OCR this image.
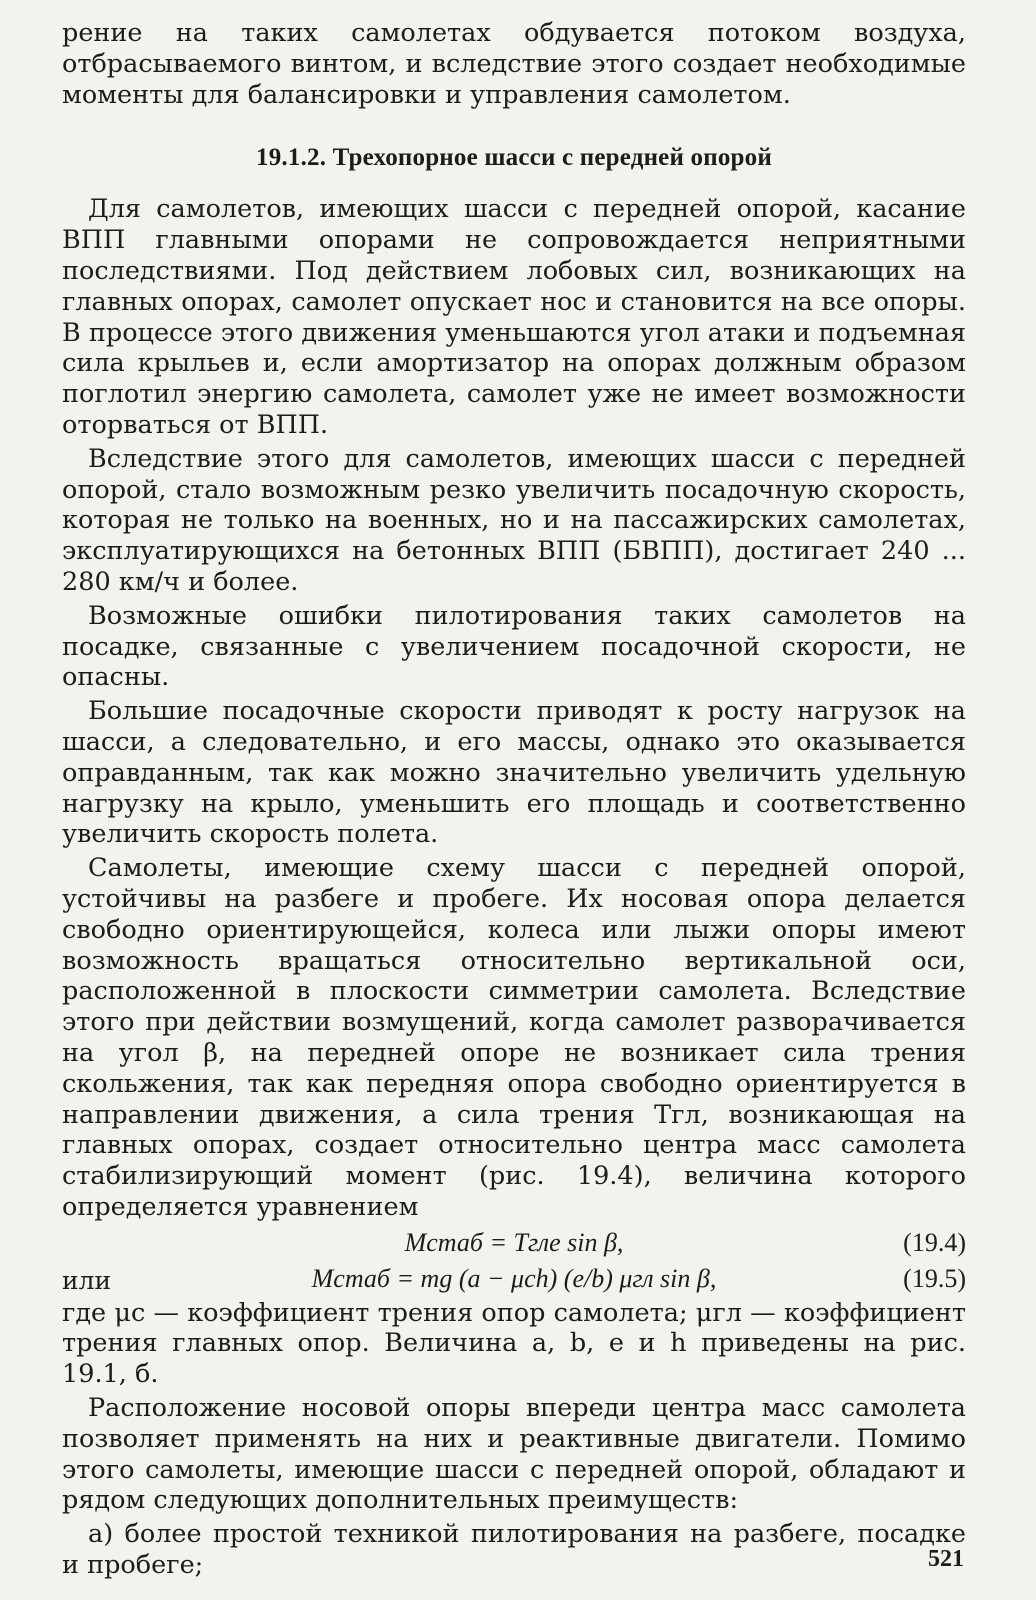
рение на таких самолетах обдувается потоком воздуха, отбрасываемого винтом, и вследствие этого создает необходимые моменты для балансировки и управления самолетом.

19.1.2. Трехопорное шасси с передней опорой

Для самолетов, имеющих шасси с передней опорой, касание ВПП главными опорами не сопровождается неприятными последствиями. Под действием лобовых сил, возникающих на главных опорах, самолет опускает нос и становится на все опоры. В процессе этого движения уменьшаются угол атаки и подъемная сила крыльев и, если амортизатор на опорах должным образом поглотил энергию самолета, самолет уже не имеет возможности оторваться от ВПП.

Вследствие этого для самолетов, имеющих шасси с передней опорой, стало возможным резко увеличить посадочную скорость, которая не только на военных, но и на пассажирских самолетах, эксплуатирующихся на бетонных ВПП (БВПП), достигает 240 ... 280 км/ч и более.

Возможные ошибки пилотирования таких самолетов на посадке, связанные с увеличением посадочной скорости, не опасны.

Большие посадочные скорости приводят к росту нагрузок на шасси, а следовательно, и его массы, однако это оказывается оправданным, так как можно значительно увеличить удельную нагрузку на крыло, уменьшить его площадь и соответственно увеличить скорость полета.

Самолеты, имеющие схему шасси с передней опорой, устойчивы на разбеге и пробеге. Их носовая опора делается свободно ориентирующейся, колеса или лыжи опоры имеют возможность вращаться относительно вертикальной оси, расположенной в плоскости симметрии самолета. Вследствие этого при действии возмущений, когда самолет разворачивается на угол β, на передней опоре не возникает сила трения скольжения, так как передняя опора свободно ориентируется в направлении движения, а сила трения Tгл, возникающая на главных опорах, создает относительно центра масс самолета стабилизирующий момент (рис. 19.4), величина которого определяется уравнением

Mстаб = Tглe sin β,	(19.4)
или	Mстаб = mg (a − μch) (e/b) μгл sin β,	(19.5)

где μc — коэффициент трения опор самолета; μгл — коэффициент трения главных опор. Величина a, b, e и h приведены на рис. 19.1, б.

Расположение носовой опоры впереди центра масс самолета позволяет применять на них и реактивные двигатели. Помимо этого самолеты, имеющие шасси с передней опорой, обладают и рядом следующих дополнительных преимуществ:

а) более простой техникой пилотирования на разбеге, посадке и пробеге;	521
